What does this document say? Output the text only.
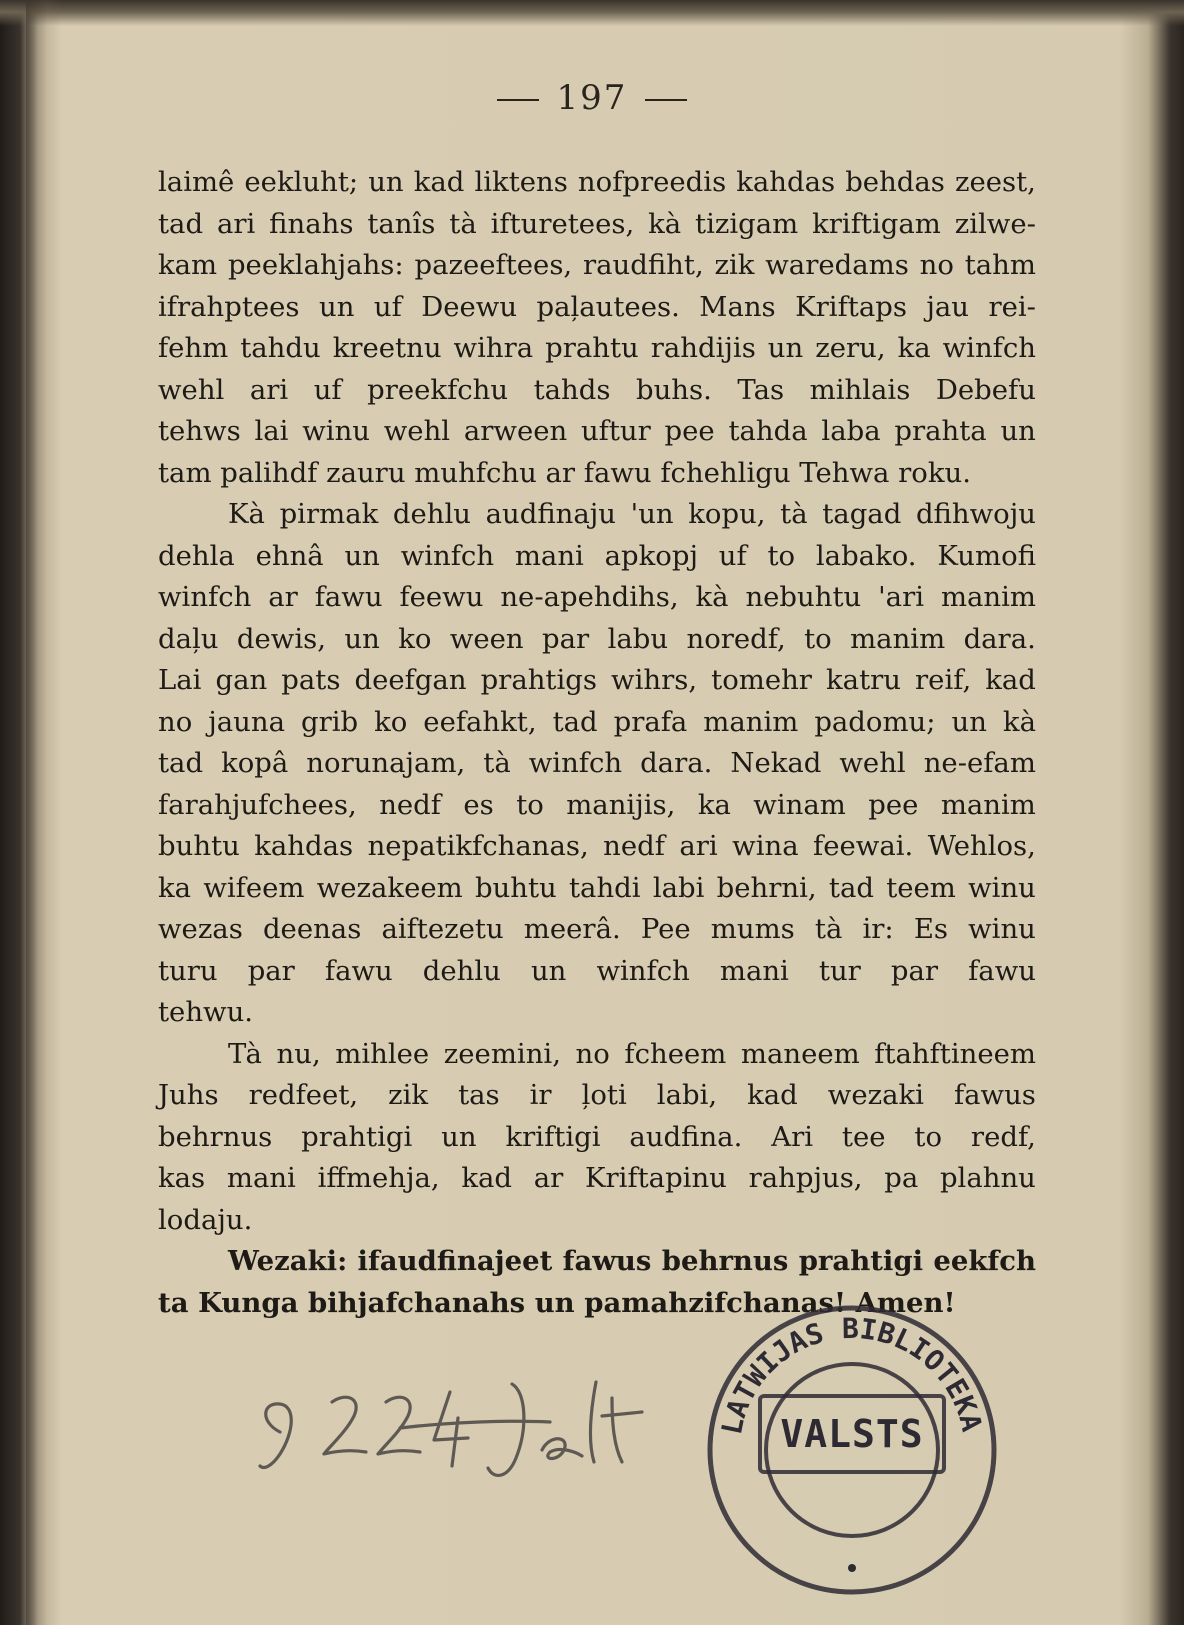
197
laimê eekluht; un kad liktens nofpreedis kahdas behdas zeest,
tad ari finahs tanîs tà ifturetees, kà tizigam kriftigam zilwe-
kam peeklahjahs: pazeeftees, raudfiht, zik waredams no tahm
ifrahptees un uf Deewu paļautees. Mans Kriftaps jau rei-
fehm tahdu kreetnu wihra prahtu rahdijis un zeru, ka winfch
wehl ari uf preekfchu tahds buhs. Tas mihlais Debefu
tehws lai winu wehl arween uftur pee tahda laba prahta un
tam palihdf zauru muhfchu ar fawu fchehligu Tehwa roku.
Kà pirmak dehlu audfinaju 'un kopu, tà tagad dfihwoju
dehla ehnâ un winfch mani apkopj uf to labako. Kumofi
winfch ar fawu feewu ne-apehdihs, kà nebuhtu 'ari manim
daļu dewis, un ko ween par labu noredf, to manim dara.
Lai gan pats deefgan prahtigs wihrs, tomehr katru reif, kad
no jauna grib ko eefahkt, tad prafa manim padomu; un kà
tad kopâ norunajam, tà winfch dara. Nekad wehl ne-efam
farahjufchees, nedf es to manijis, ka winam pee manim
buhtu kahdas nepatikfchanas, nedf ari wina feewai. Wehlos,
ka wifeem wezakeem buhtu tahdi labi behrni, tad teem winu
wezas deenas aiftezetu meerâ. Pee mums tà ir: Es winu
turu par fawu dehlu un winfch mani tur par fawu
tehwu.
Tà nu, mihlee zeemini, no fcheem maneem ftahftineem
Juhs redfeet, zik tas ir ļoti labi, kad wezaki fawus
behrnus prahtigi un kriftigi audfina. Ari tee to redf,
kas mani iffmehja, kad ar Kriftapinu rahpjus, pa plahnu
lodaju.
Wezaki: ifaudfinajeet fawus behrnus prahtigi eekfch
ta Kunga bihjafchanahs un pamahzifchanas! Amen!
VALSTS
LATWIJAS BIBLIOTEKA
